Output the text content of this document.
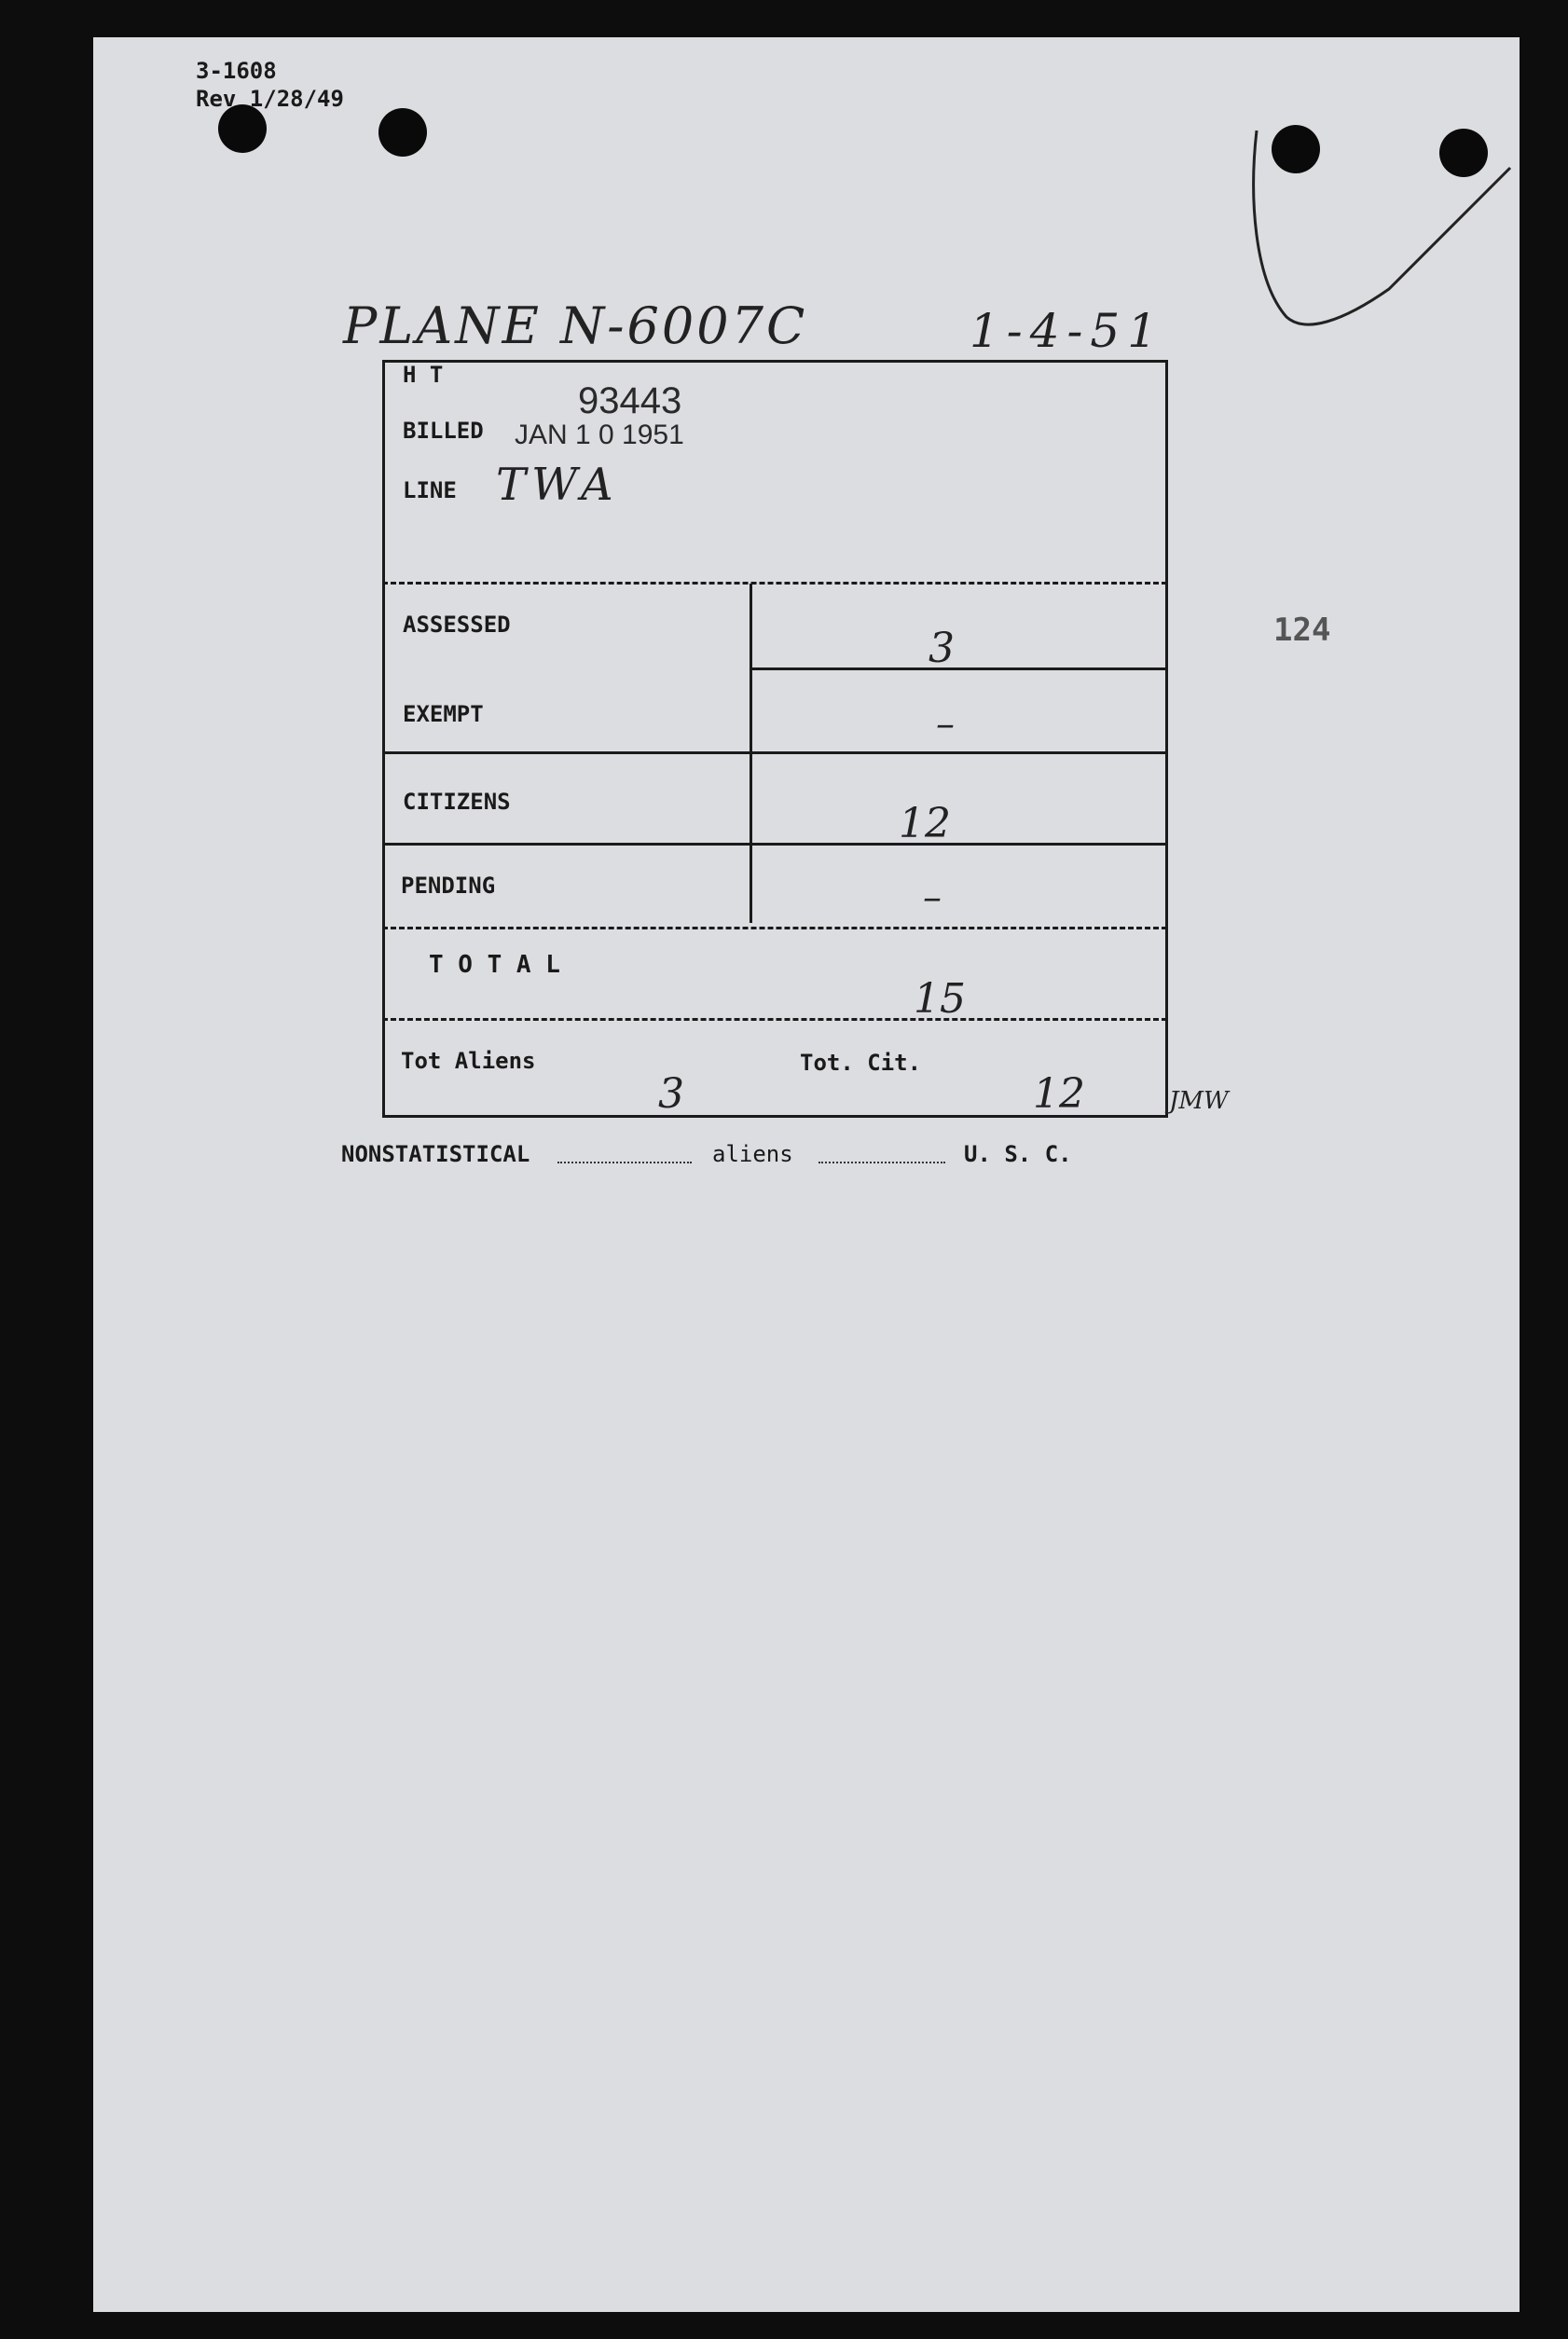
3-1608
Rev 1/28/49
PLANE N-6007C	1-4-51
124
H T
93443
BILLED JAN 1 0 1951
LINE TWA
ASSESSED	3
EXEMPT	–
CITIZENS	12
PENDING	–
T O T A L
15
Tot Aliens
3
Tot. Cit.
12	JMW
NONSTATISTICAL	aliens	U. S. C.
